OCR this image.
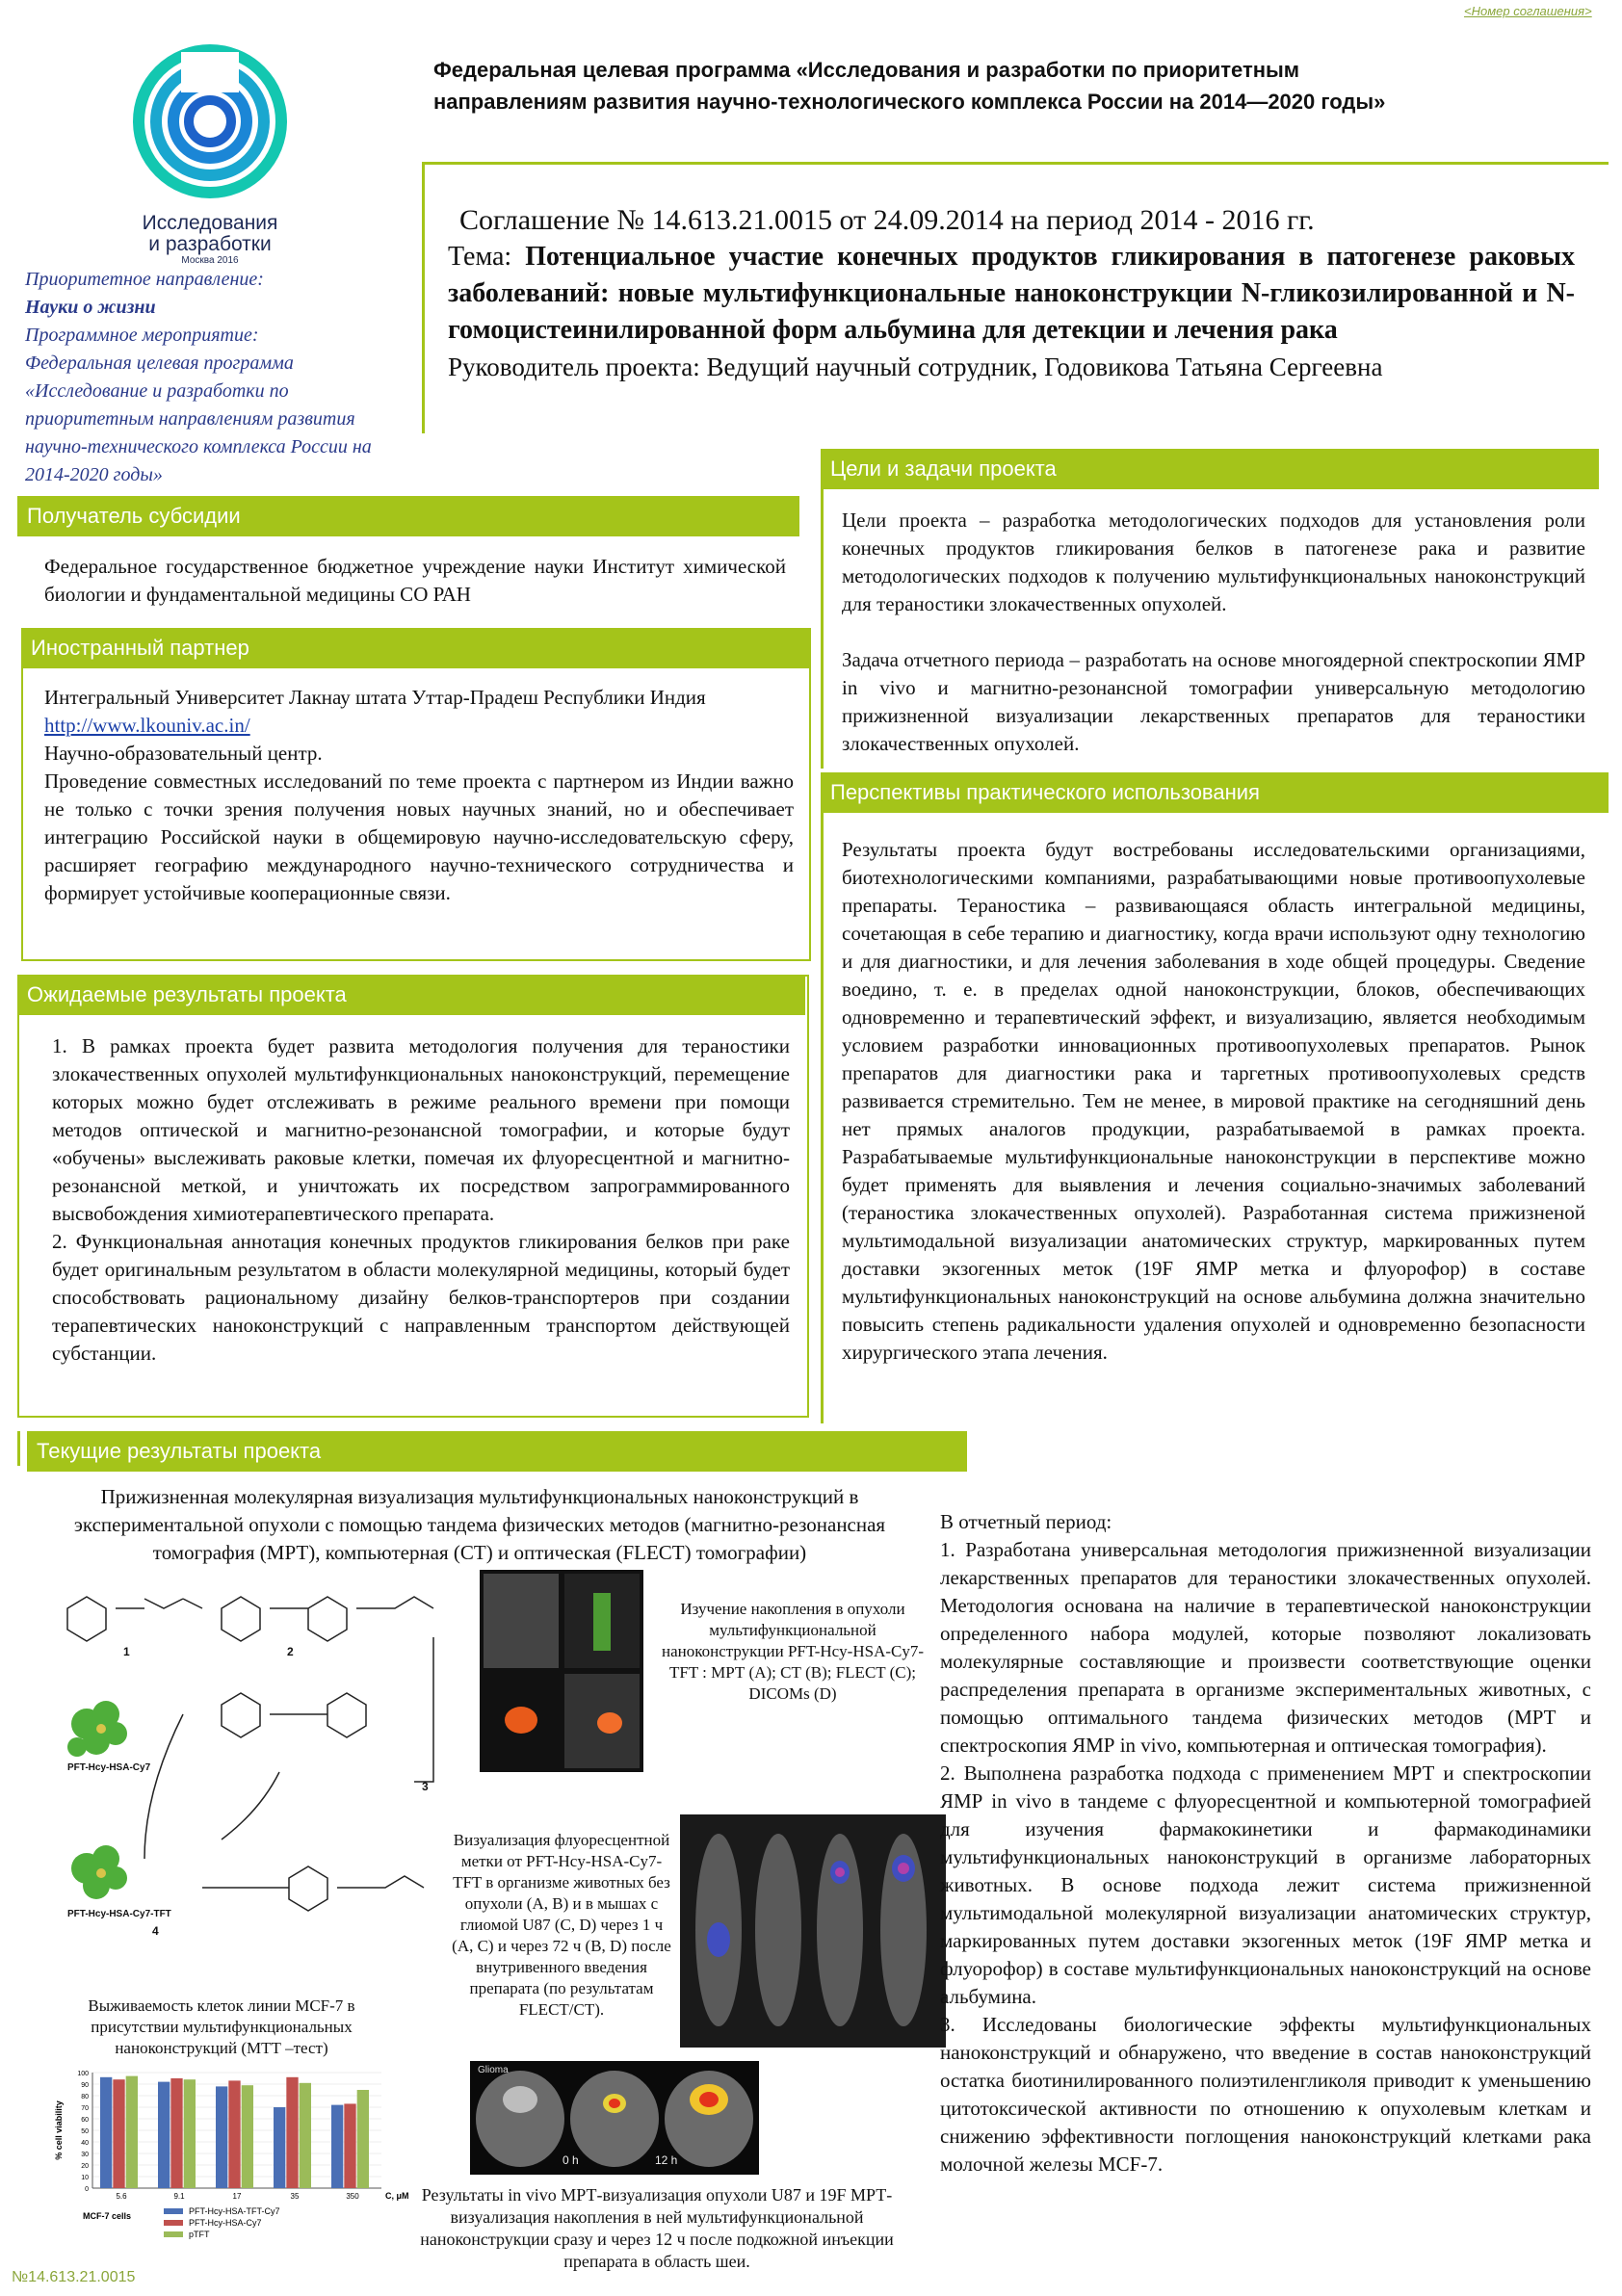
<Номер соглашения>
Исследования
и разработки
Москва 2016
Федеральная целевая программа «Исследования и разработки по приоритетным
направлениям развития научно-технологического комплекса России на 2014—2020 годы»
Приоритетное направление:
Науки о жизни
Программное мероприятие:
Федеральная целевая программа «Исследование и разработки по приоритетным направлениям развития научно-технического комплекса России на 2014-2020 годы»
Соглашение № 14.613.21.0015 от 24.09.2014 на период 2014 - 2016 гг.
Тема: Потенциальное участие конечных продуктов гликирования в патогенезе раковых заболеваний: новые мультифункциональные наноконструкции N-гликозилированной и N-гомоцистеинилированной форм альбумина для детекции и лечения рака
Руководитель проекта: Ведущий научный сотрудник, Годовикова Татьяна Сергеевна
Получатель субсидии
Федеральное государственное бюджетное учреждение науки Институт химической биологии и фундаментальной медицины СО РАН
Иностранный партнер
Интегральный Университет Лакнау штата Уттар-Прадеш Республики Индия
http://www.lkouniv.ac.in/
Научно-образовательный центр.
Проведение совместных исследований по теме проекта с партнером из Индии важно не только с точки зрения получения новых научных знаний, но и обеспечивает интеграцию Российской науки в общемировую научно-исследовательскую сферу, расширяет географию международного научно-технического сотрудничества и формирует устойчивые кооперационные связи.
Ожидаемые результаты проекта
1. В рамках проекта будет развита методология получения для тераностики злокачественных опухолей мультифункциональных наноконструкций, перемещение которых можно будет отслеживать в режиме реального времени при помощи методов оптической и магнитно-резонансной томографии, и которые будут «обучены» выслеживать раковые клетки, помечая их флуоресцентной и магнитно-резонансной меткой, и уничтожать их посредством запрограммированного высвобождения химиотерапевтического препарата.
2. Функциональная аннотация конечных продуктов гликирования белков при раке будет оригинальным результатом в области молекулярной медицины, который будет способствовать рациональному дизайну белков-транспортеров при создании терапевтических наноконструкций с направленным транспортом действующей субстанции.
Цели и задачи проекта
Цели проекта – разработка методологических подходов для установления роли конечных продуктов гликирования белков в патогенезе рака и развитие методологических подходов к получению мультифункциональных наноконструкций для тераностики злокачественных опухолей.
Задача отчетного периода – разработать на основе многоядерной спектроскопии ЯМР in vivo и магнитно-резонансной томографии универсальную методологию прижизненной визуализации лекарственных препаратов для тераностики злокачественных опухолей.
Перспективы практического использования
Результаты проекта будут востребованы исследовательскими организациями, биотехнологическими компаниями, разрабатывающими новые противоопухолевые препараты. Тераностика – развивающаяся область интегральной медицины, сочетающая в себе терапию и диагностику, когда врачи используют одну технологию и для диагностики, и для лечения заболевания в ходе общей процедуры. Сведение воедино, т. е. в пределах одной наноконструкции, блоков, обеспечивающих одновременно и терапевтический эффект, и визуализацию, является необходимым условием разработки инновационных противоопухолевых препаратов. Рынок препаратов для диагностики рака и таргетных противоопухолевых средств развивается стремительно. Тем не менее, в мировой практике на сегодняшний день нет прямых аналогов продукции, разрабатываемой в рамках проекта. Разрабатываемые мультифункциональные наноконструкции в перспективе можно будет применять для выявления и лечения социально-значимых заболеваний (тераностика злокачественных опухолей). Разработанная система прижизненой мультимодальной визуализации анатомических структур, маркированных путем доставки экзогенных меток (19F ЯМР метка и флуорофор) в составе мультифункциональных наноконструкций на основе альбумина должна значительно повысить степень радикальности удаления опухолей и одновременно безопасности хирургического этапа лечения.
Текущие результаты проекта
Прижизненная молекулярная визуализация мультифункциональных наноконструкций в экспериментальной опухоли с помощью тандема физических методов (магнитно-резонансная томография (МРТ), компьютерная (СТ) и оптическая (FLECT) томографии)
1	2
3
4
PFT-Hcy-HSA-Cy7
PFT-Hcy-HSA-Cy7-TFT
Изучение накопления в опухоли мультифункциональной наноконструкции PFT-Hcy-HSA-Cy7-TFT : МРТ (А); СТ (B); FLECT (C); DICOMs (D)
Визуализация флуоресцентной метки от PFT-Hcy-HSA-Cy7-TFT в организме животных без опухоли (A, B) и в мышах с глиомой U87 (C, D) через 1 ч (A, C) и через 72 ч (B, D) после внутривенного введения препарата (по результатам FLECT/CT).
Выживаемость клеток линии MCF-7 в присутствии мультифункциональных наноконструкций (МТТ –тест)
0
10
20
30
40
50
60
70
80
90
100
% cell viability
5.6	9.1	17	35	350	C, μM
MCF-7 cells	PFT-Hcy-HSA-TFT-Cy7
PFT-Hcy-HSA-Cy7
pTFT
Glioma
0 h	12 h
Результаты in vivo МРТ-визуализация опухоли U87 и 19F МРТ-визуализация накопления в ней мультифункциональной наноконструкции сразу и через 12 ч после подкожной инъекции препарата в область шеи.
В отчетный период:
1. Разработана универсальная методология прижизненной визуализации лекарственных препаратов для тераностики злокачественных опухолей. Методология основана на наличие в терапевтической наноконструкции определенного набора модулей, которые позволяют локализовать молекулярные составляющие и произвести соответствующие оценки распределения препарата в организме экспериментальных животных, с помощью оптимального тандема физических методов (МРТ и спектроскопия ЯМР in vivo, компьютерная и оптическая томография).
2. Выполнена разработка подхода с применением МРТ и спектроскопии ЯМР in vivo в тандеме с флуоресцентной и компьютерной томографией для изучения фармакокинетики и фармакодинамики мультифункциональных наноконструкций в организме лабораторных животных. В основе подхода лежит система прижизненной мультимодальной молекулярной визуализации анатомических структур, маркированных путем доставки экзогенных меток (19F ЯМР метка и флуорофор) в составе мультифункциональных наноконструкций на основе альбумина.
3. Исследованы биологические эффекты мультифункциональных наноконструкций и обнаружено, что введение в состав наноконструкций остатка биотинилированного полиэтиленгликоля приводит к уменьшению цитотоксической активности по отношению к опухолевым клеткам и снижению эффективности поглощения наноконструкций клетками рака молочной железы MCF-7.
№14.613.21.0015
